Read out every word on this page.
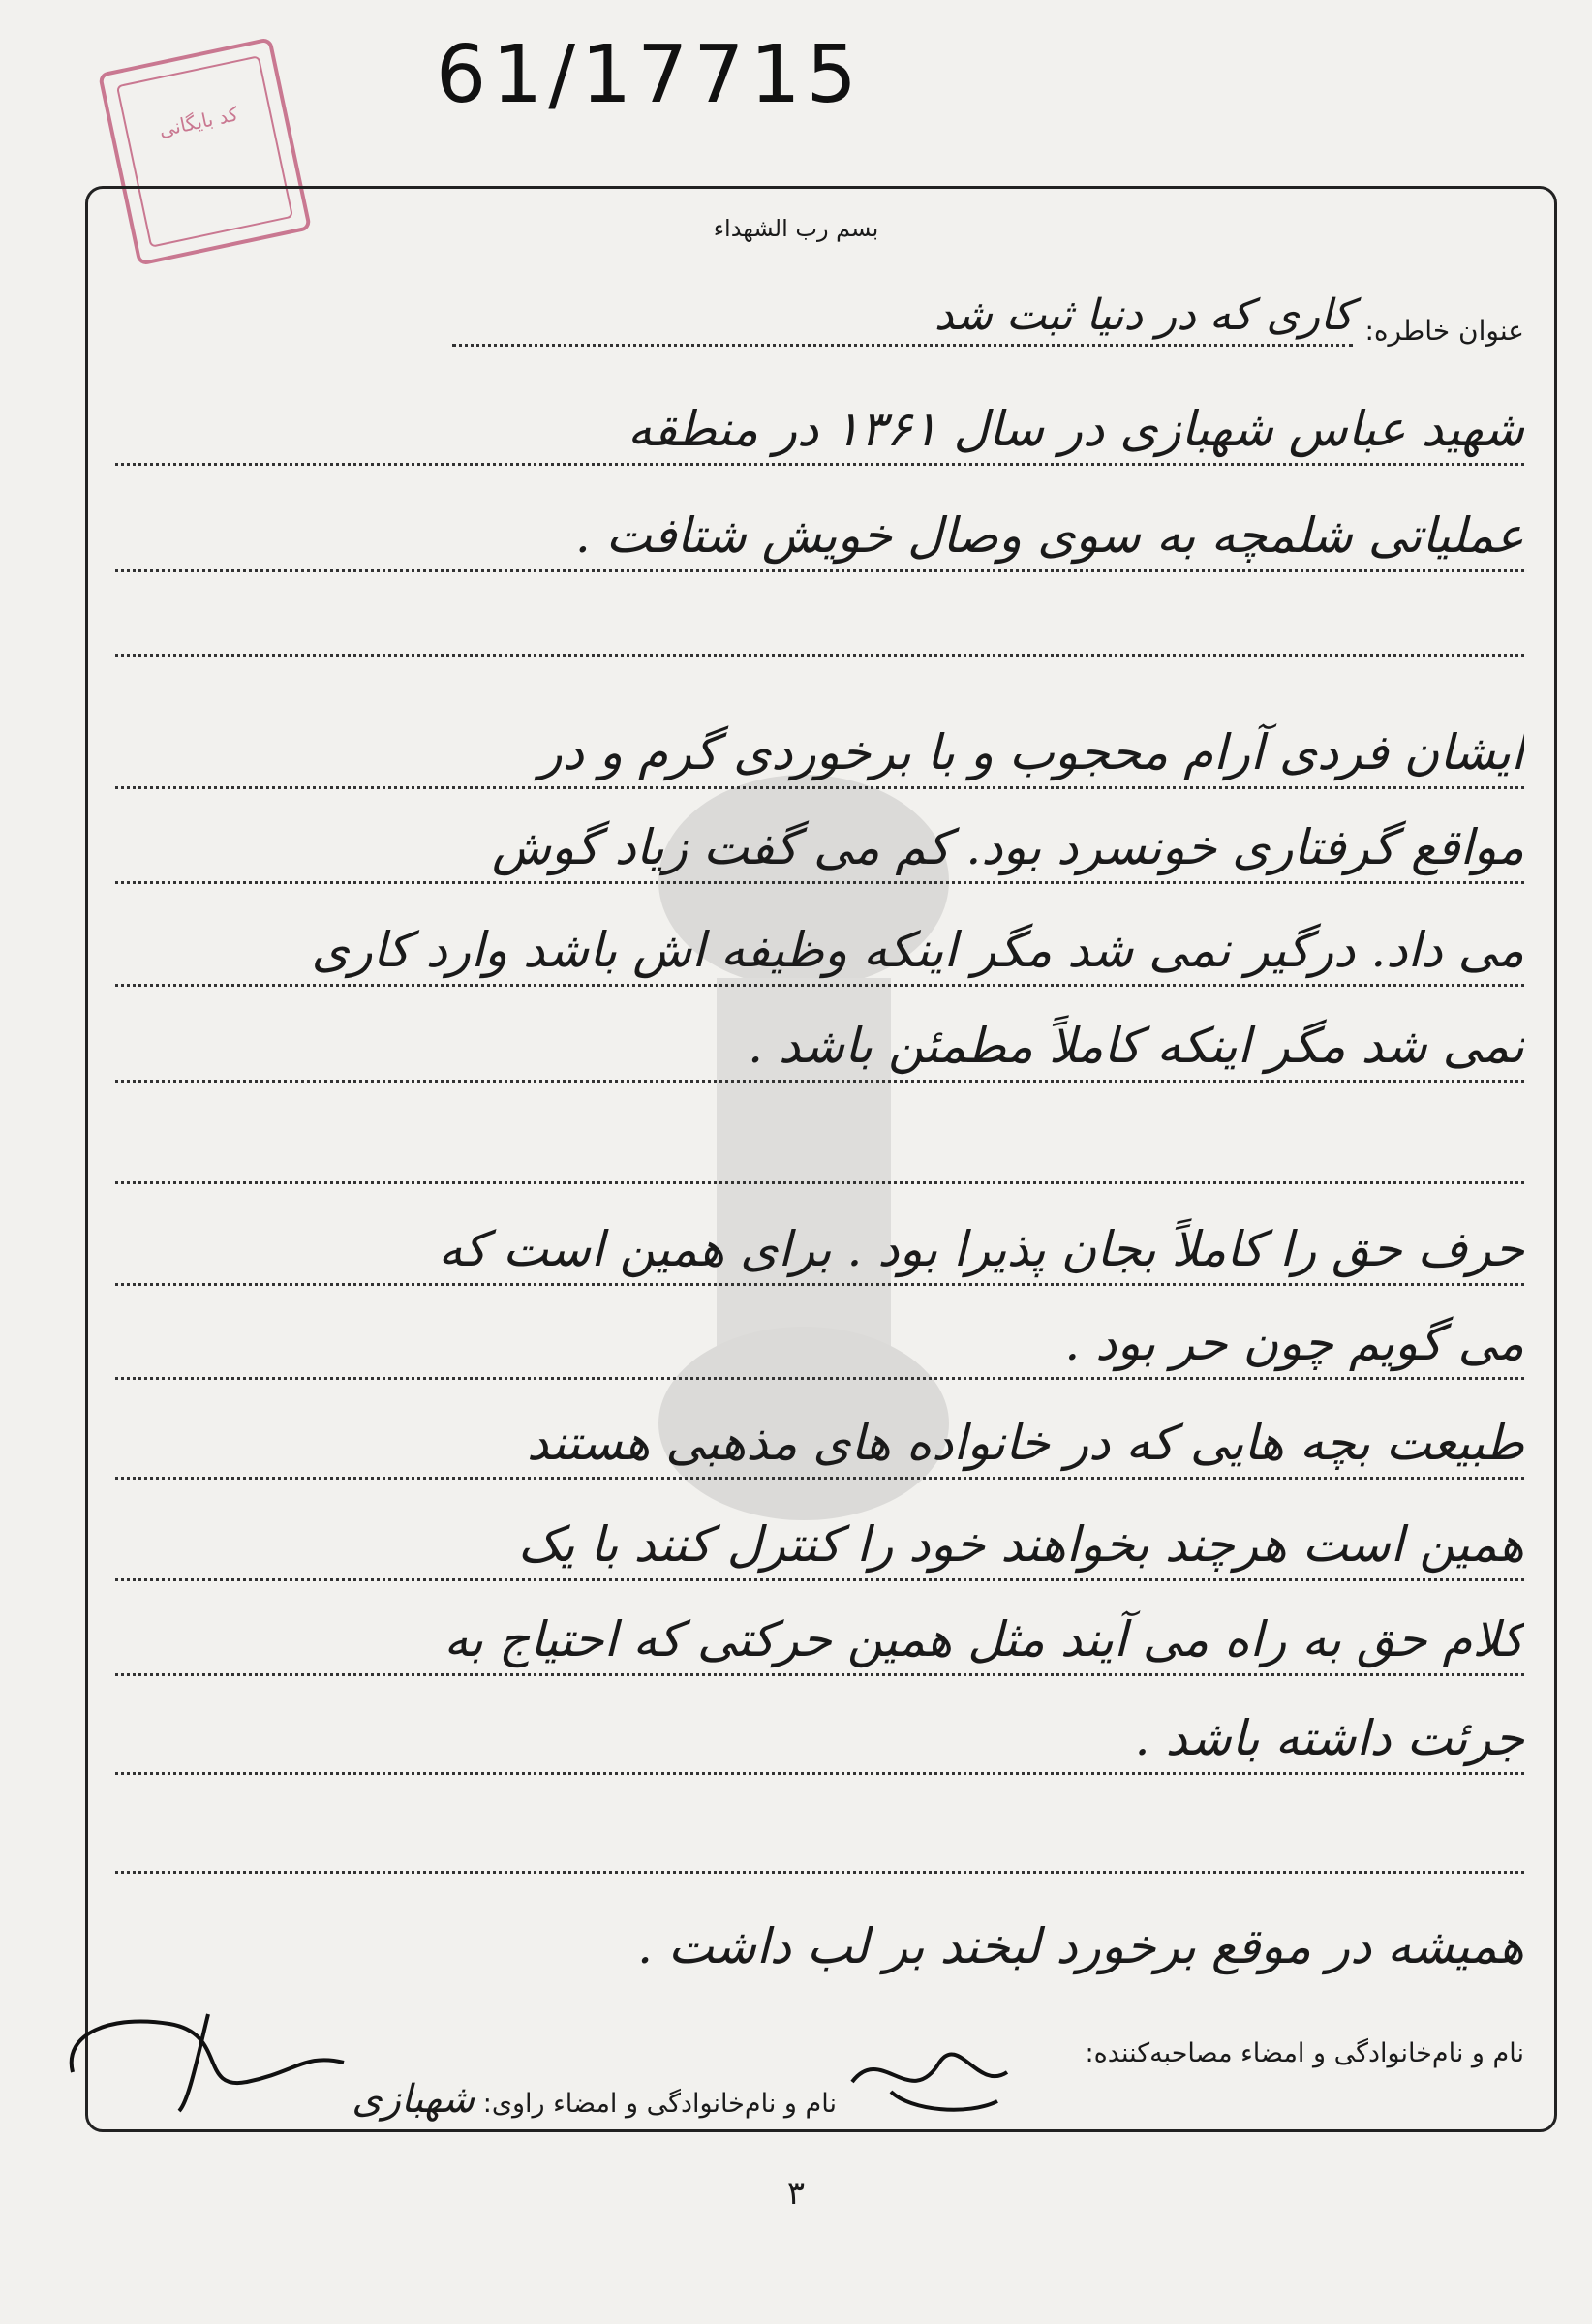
61/17715
کد بایگانی
بسم رب الشهداء
عنوان خاطره:
کاری که در دنیا ثبت شد
شهید عباس شهبازی در سال ۱۳۶۱ در منطقه
عملیاتی شلمچه به سوی وصال خویش شتافت .
ایشان فردی آرام محجوب و با برخوردی گرم و در
مواقع گرفتاری خونسرد بود. کم می گفت زیاد گوش
می داد. درگیر نمی شد مگر اینکه وظیفه اش باشد وارد کاری
نمی شد مگر اینکه کاملاً مطمئن باشد .
حرف حق را کاملاً بجان پذیرا بود . برای همین است که
می گویم چون حر بود .
طبیعت بچه هایی که در خانواده های مذهبی هستند
همین است هرچند بخواهند خود را کنترل کنند با یک
کلام حق به راه می آیند مثل همین حرکتی که احتیاج به
جرئت داشته باشد .
همیشه در موقع برخورد لبخند بر لب داشت .
نام و نام‌خانوادگی و امضاء مصاحبه‌کننده:
نام و نام‌خانوادگی و امضاء راوی: شهبازی
۳
